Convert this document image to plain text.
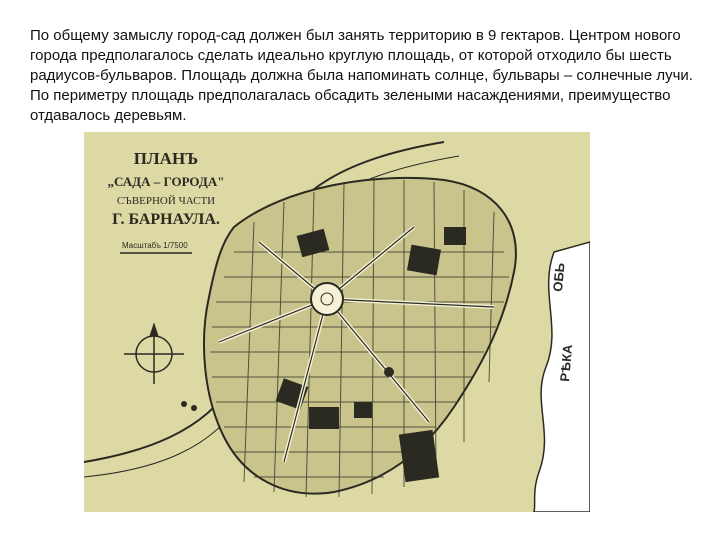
По общему замыслу город-сад должен был занять территорию в 9 гектаров. Центром нового города предполагалось сделать идеально круглую площадь, от которой отходило бы шесть радиусов-бульваров. Площадь должна была напоминать солнце, бульвары – солнечные лучи. По периметру площадь предполагалась обсадить зелеными насаждениями, преимущество отдавалось деревьям.

ОБЬ
РѢКА
ПЛАНЪ
„САДА – ГОРОДА"
СЪВЕРНОЙ ЧАСТИ
Г. БАРНАУЛА.
Масштабъ 1/7500
